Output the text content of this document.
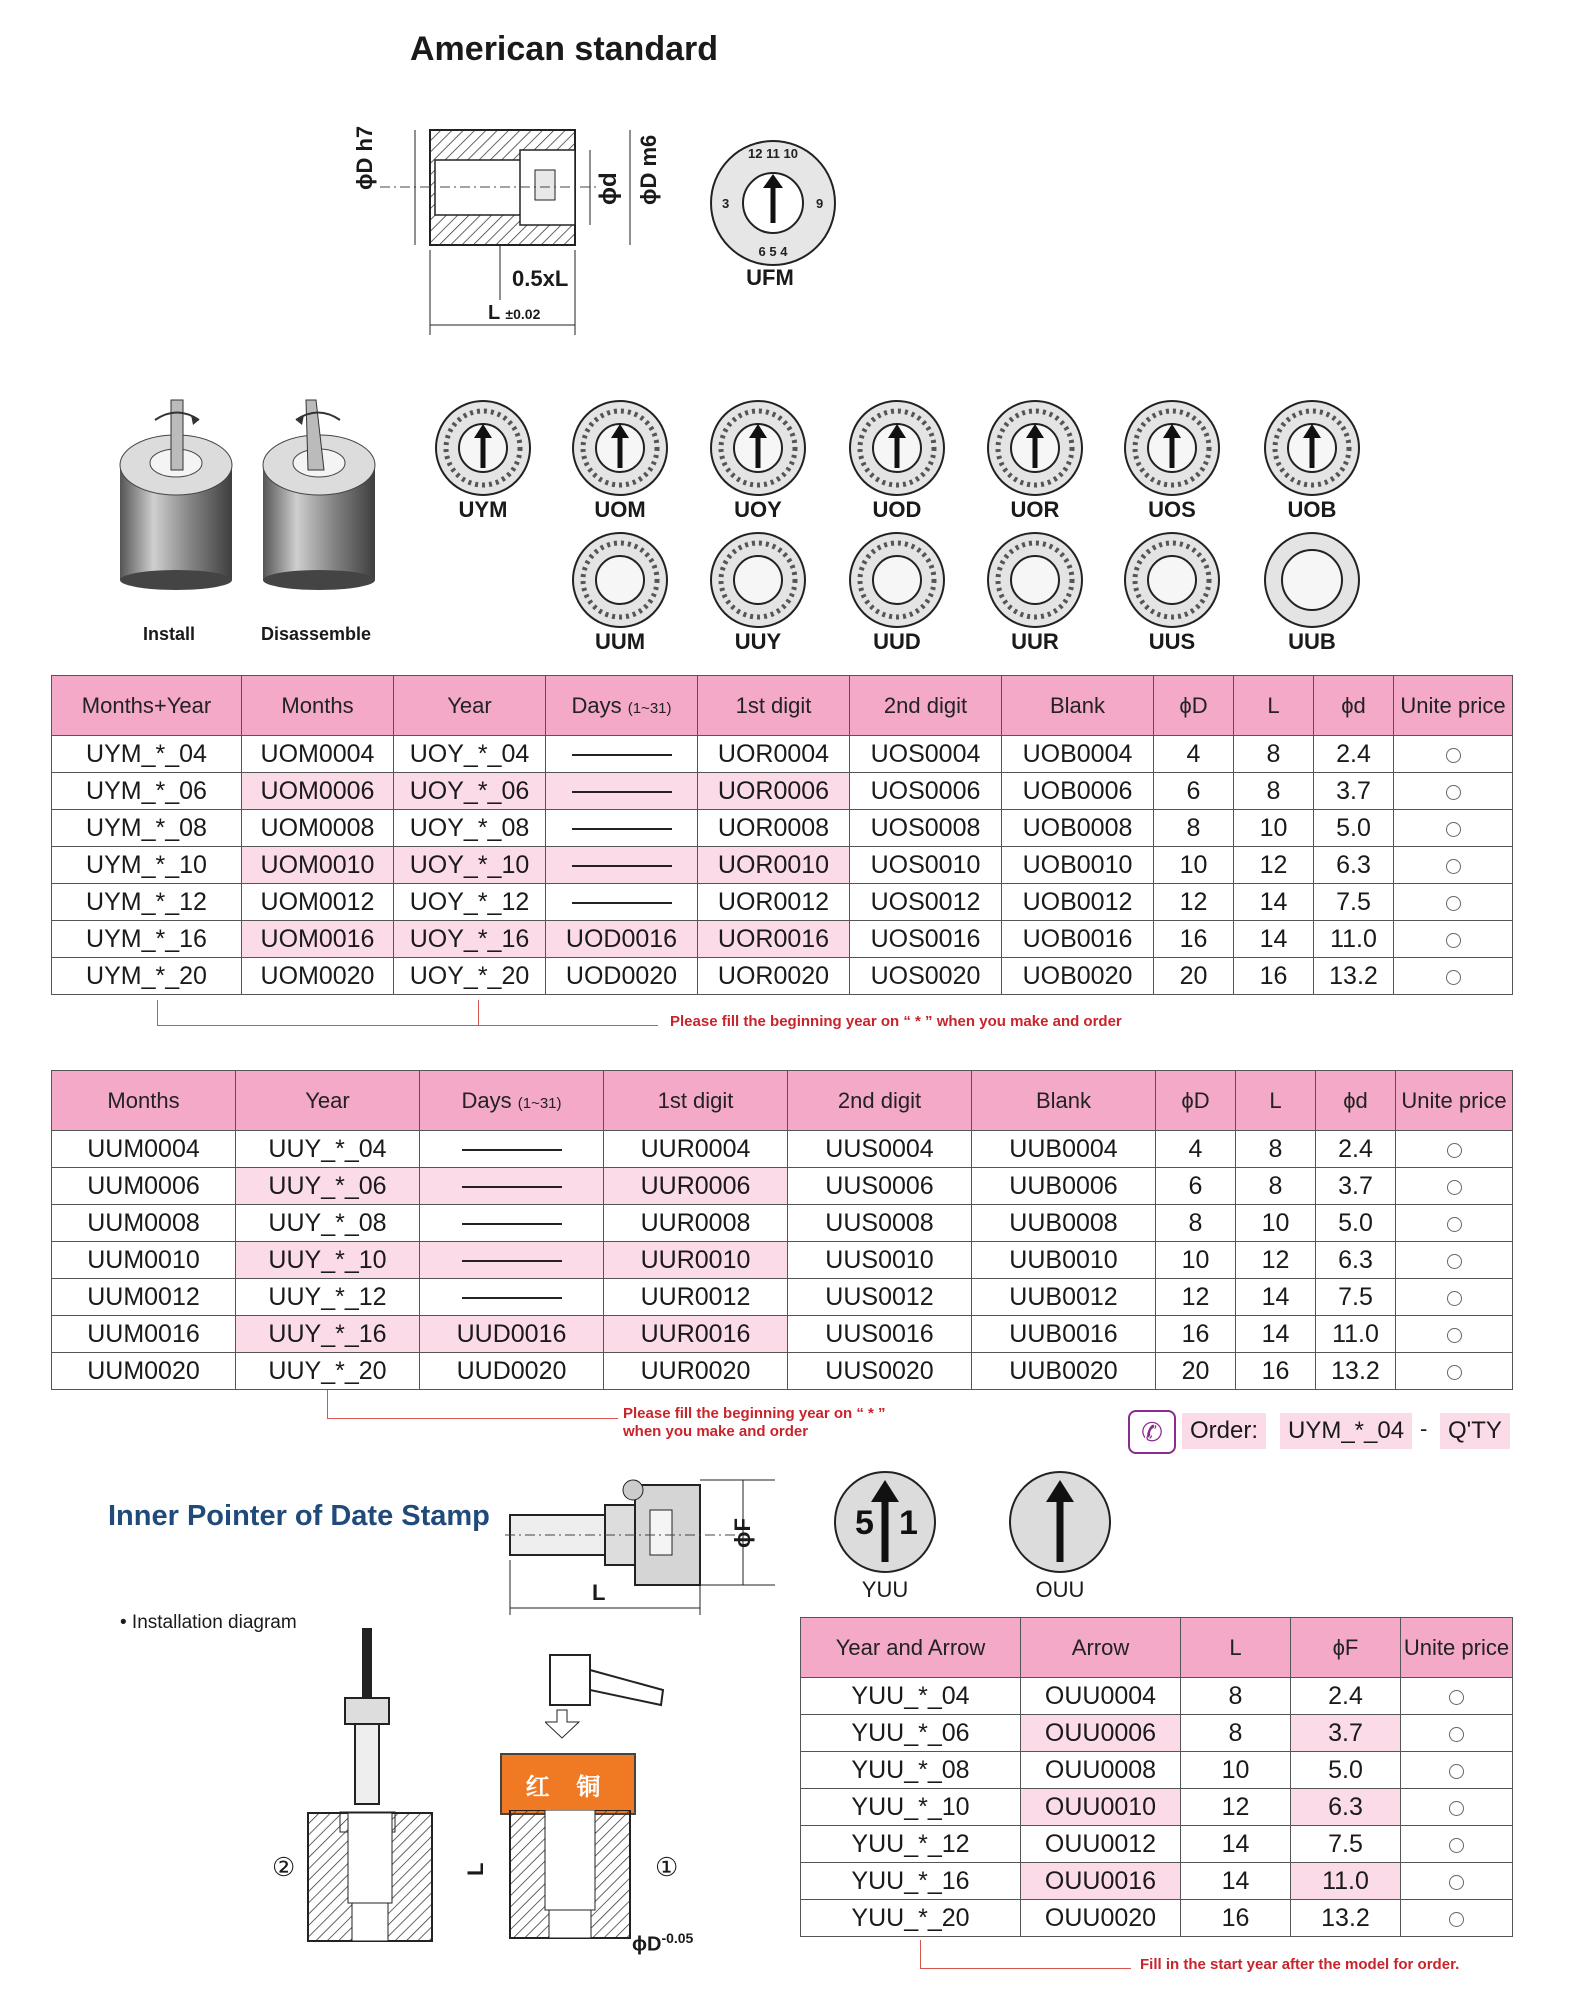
American standard
ϕD h7	ϕd ϕD m6
0.5xL
L ±0.02
12 11 10
6 5 4
3	9
UFM
Install	Disassemble
UYM	UOM	UOY	UOD	UOR	UOS	UOB
UUM	UUY	UUD	UUR	UUS	UUB
Months+Year	Months	Year	Days (1~31)	1st digit	2nd digit	Blank	ϕD	L	ϕd	Unite price
UYM_*_04	UOM0004	UOY_*_04		UOR0004	UOS0004	UOB0004	4	8	2.4	
UYM_*_06	UOM0006	UOY_*_06		UOR0006	UOS0006	UOB0006	6	8	3.7	
UYM_*_08	UOM0008	UOY_*_08		UOR0008	UOS0008	UOB0008	8	10	5.0	
UYM_*_10	UOM0010	UOY_*_10		UOR0010	UOS0010	UOB0010	10	12	6.3	
UYM_*_12	UOM0012	UOY_*_12		UOR0012	UOS0012	UOB0012	12	14	7.5	
UYM_*_16	UOM0016	UOY_*_16	UOD0016	UOR0016	UOS0016	UOB0016	16	14	11.0	
UYM_*_20	UOM0020	UOY_*_20	UOD0020	UOR0020	UOS0020	UOB0020	20	16	13.2	
Please fill the beginning year on “ * ” when you make and order
Months	Year	Days (1~31)	1st digit	2nd digit	Blank	ϕD	L	ϕd	Unite price
UUM0004	UUY_*_04		UUR0004	UUS0004	UUB0004	4	8	2.4	
UUM0006	UUY_*_06		UUR0006	UUS0006	UUB0006	6	8	3.7	
UUM0008	UUY_*_08		UUR0008	UUS0008	UUB0008	8	10	5.0	
UUM0010	UUY_*_10		UUR0010	UUS0010	UUB0010	10	12	6.3	
UUM0012	UUY_*_12		UUR0012	UUS0012	UUB0012	12	14	7.5	
UUM0016	UUY_*_16	UUD0016	UUR0016	UUS0016	UUB0016	16	14	11.0	
UUM0020	UUY_*_20	UUD0020	UUR0020	UUS0020	UUB0020	20	16	13.2	
Please fill the beginning year on “ * ”
when you make and order	✆	Order:	UYM_*_04 - Q'TY
Inner Pointer of Date Stamp
ϕF
L
• Installation diagram
②
红 铜
L	①
$\phi D^{-0.05}$
5 1
YUU	OUU
Year and Arrow	Arrow	L	ϕF	Unite price
YUU_*_04	OUU0004	8	2.4	
YUU_*_06	OUU0006	8	3.7	
YUU_*_08	OUU0008	10	5.0	
YUU_*_10	OUU0010	12	6.3	
YUU_*_12	OUU0012	14	7.5	
YUU_*_16	OUU0016	14	11.0	
YUU_*_20	OUU0020	16	13.2	
Fill in the start year after the model for order.
